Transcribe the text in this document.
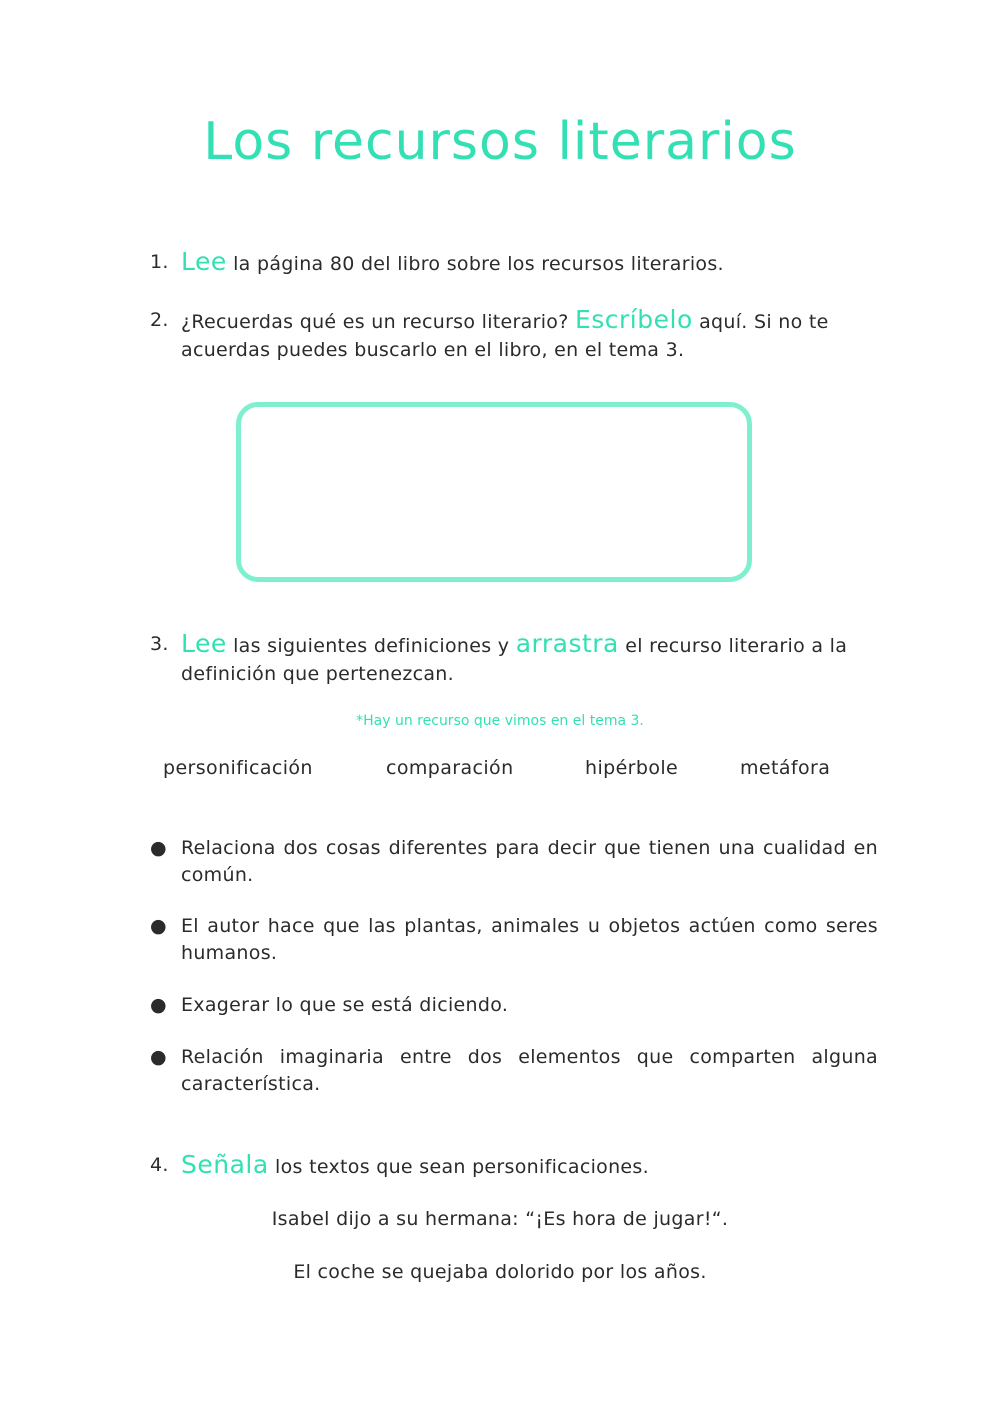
Los recursos literarios
1. Lee la página 80 del libro sobre los recursos literarios.
2. ¿Recuerdas qué es un recurso literario? Escríbelo aquí. Si no te acuerdas puedes buscarlo en el libro, en el tema 3.
3. Lee las siguientes definiciones y arrastra el recurso literario a la definición que pertenezcan.
*Hay un recurso que vimos en el tema 3.
personificación	comparación	hipérbole	metáfora
● Relaciona dos cosas diferentes para decir que tienen una cualidad en común.
● El autor hace que las plantas, animales u objetos actúen como seres humanos.
● Exagerar lo que se está diciendo.
● Relación imaginaria entre dos elementos que comparten alguna característica.
4. Señala los textos que sean personificaciones.
Isabel dijo a su hermana: “¡Es hora de jugar!“.
El coche se quejaba dolorido por los años.
